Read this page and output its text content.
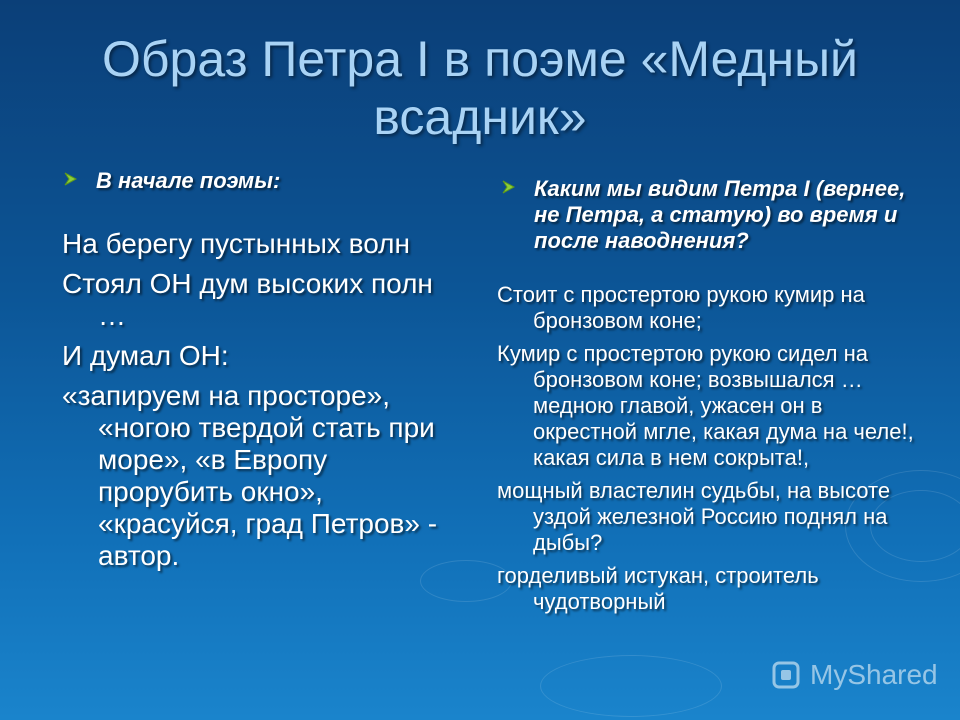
Образ Петра I в поэме «Медный всадник»
В начале поэмы:

На берегу пустынных волн

Стоял ОН дум высоких полн …

И думал ОН:

«запируем на просторе», «ногою твердой стать при море», «в Европу прорубить окно», «красуйся, град Петров» - автор.

Каким мы видим Петра I (вернее, не Петра, а статую) во время и после наводнения?

Стоит с простертою рукою кумир на бронзовом коне;

Кумир с простертою рукою сидел на бронзовом коне; возвышался … медною главой, ужасен он в окрестной мгле, какая дума на челе!, какая сила в нем сокрыта!,

мощный властелин судьбы, на высоте уздой железной Россию поднял на дыбы?

горделивый истукан, строитель чудотворный

MyShared
